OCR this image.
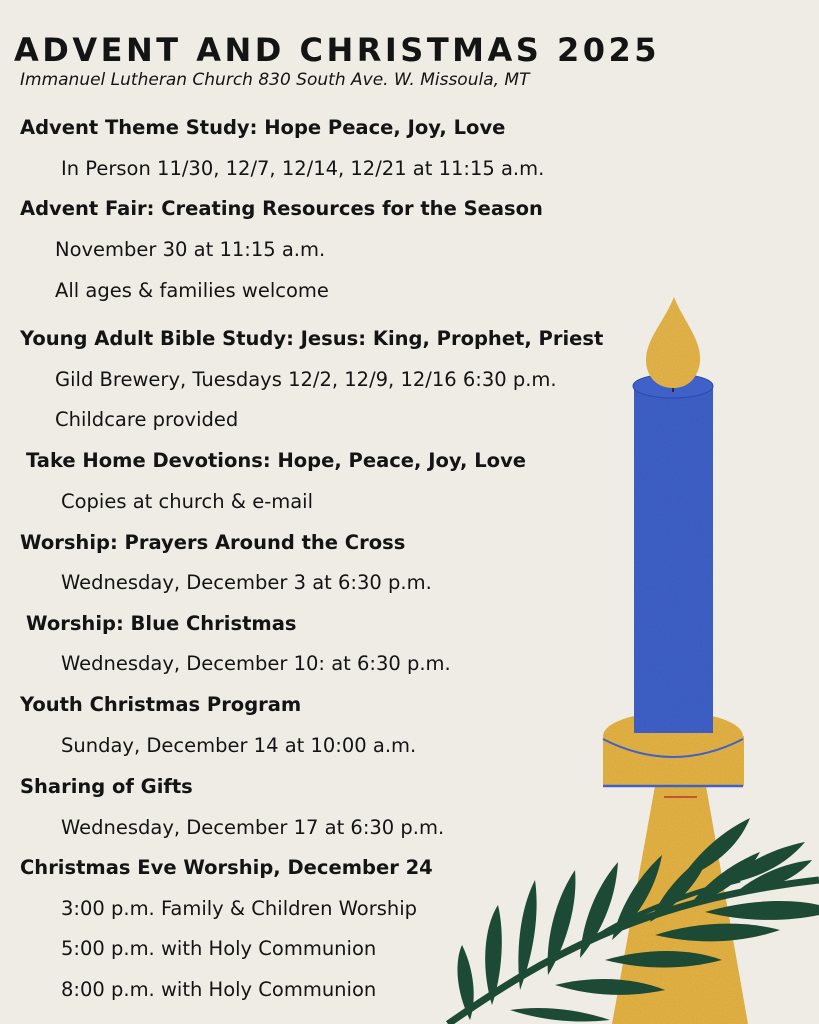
ADVENT AND CHRISTMAS 2025
Immanuel Lutheran Church 830 South Ave. W. Missoula, MT
Advent Theme Study: Hope Peace, Joy, Love
In Person 11/30, 12/7, 12/14, 12/21 at 11:15 a.m.
Advent Fair: Creating Resources for the Season
November 30 at 11:15 a.m.
All ages & families welcome
Young Adult Bible Study: Jesus: King, Prophet, Priest
Gild Brewery, Tuesdays 12/2, 12/9, 12/16 6:30 p.m.
Childcare provided
Take Home Devotions: Hope, Peace, Joy, Love
Copies at church & e-mail
Worship: Prayers Around the Cross
Wednesday, December 3 at 6:30 p.m.
Worship: Blue Christmas
Wednesday, December 10: at 6:30 p.m.
Youth Christmas Program
Sunday, December 14 at 10:00 a.m.
Sharing of Gifts
Wednesday, December 17 at 6:30 p.m.
Christmas Eve Worship, December 24
3:00 p.m. Family & Children Worship
5:00 p.m. with Holy Communion
8:00 p.m. with Holy Communion
